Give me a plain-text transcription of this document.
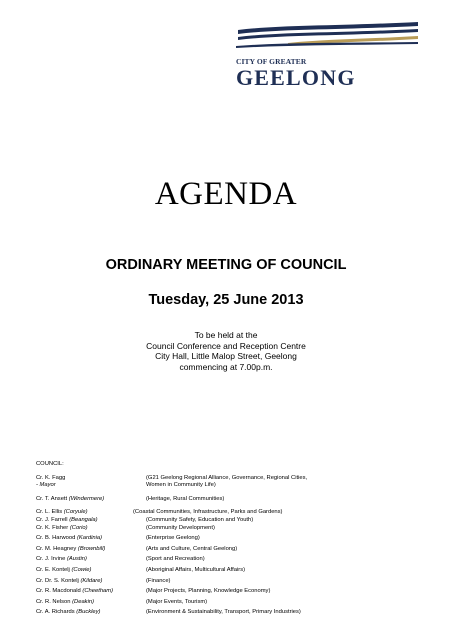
CITY OF GREATER
GEELONG
AGENDA
ORDINARY MEETING OF COUNCIL
Tuesday, 25 June 2013
To be held at the
Council Conference and Reception Centre
City Hall, Little Malop Street, Geelong
commencing at 7.00p.m.
COUNCIL:
Cr. K. Fagg	(G21 Geelong Regional Alliance, Governance, Regional Cities,
- Mayor	Women in Community Life)
Cr. T. Ansett (Windermere)	(Heritage, Rural Communities)
Cr. L. Ellis (Coryule)	(Coastal Communities, Infrastructure, Parks and Gardens)
Cr. J. Farrell (Beangala)	(Community Safety, Education and Youth)
Cr. K. Fisher (Corio)	(Community Development)
Cr. B. Harwood (Kardinia)	(Enterprise Geelong)
Cr. M. Heagney (Brownbill)	(Arts and Culture, Central Geelong)
Cr. J. Irvine (Austin)	(Sport and Recreation)
Cr. E. Kontelj (Cowie)	(Aboriginal Affairs, Multicultural Affairs)
Cr. Dr. S. Kontelj (Kildare)	(Finance)
Cr. R. Macdonald (Cheetham)	(Major Projects, Planning, Knowledge Economy)
Cr. R. Nelson (Deakin)	(Major Events, Tourism)
Cr. A. Richards (Buckley)	(Environment & Sustainability, Transport, Primary Industries)
